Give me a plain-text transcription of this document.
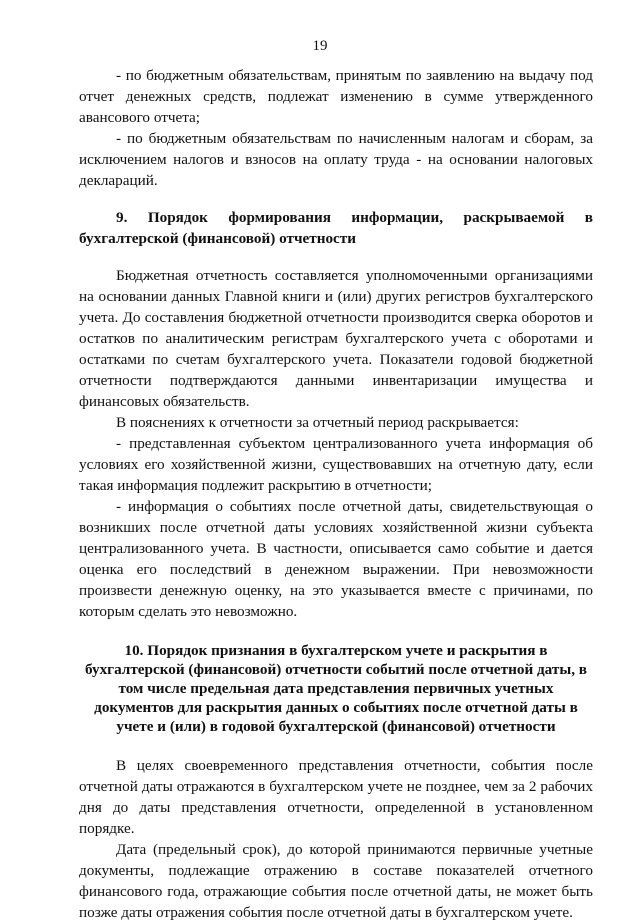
19

- по бюджетным обязательствам, принятым по заявлению на выдачу под отчет денежных средств, подлежат изменению в сумме утвержденного авансового отчета;

- по бюджетным обязательствам по начисленным налогам и сборам, за исключением налогов и взносов на оплату труда - на основании налоговых деклараций.

9. Порядок формирования информации, раскрываемой в бухгалтерской (финансовой) отчетности

Бюджетная отчетность составляется уполномоченными организациями на основании данных Главной книги и (или) других регистров бухгалтерского учета. До составления бюджетной отчетности производится сверка оборотов и остатков по аналитическим регистрам бухгалтерского учета с оборотами и остатками по счетам бухгалтерского учета. Показатели годовой бюджетной отчетности подтверждаются данными инвентаризации имущества и финансовых обязательств.

В пояснениях к отчетности за отчетный период раскрывается:

- представленная субъектом централизованного учета информация об условиях его хозяйственной жизни, существовавших на отчетную дату, если такая информация подлежит раскрытию в отчетности;

- информация о событиях после отчетной даты, свидетельствующая о возникших после отчетной даты условиях хозяйственной жизни субъекта централизованного учета. В частности, описывается само событие и дается оценка его последствий в денежном выражении. При невозможности произвести денежную оценку, на это указывается вместе с причинами, по которым сделать это невозможно.

10. Порядок признания в бухгалтерском учете и раскрытия в бухгалтерской (финансовой) отчетности событий после отчетной даты, в том числе предельная дата представления первичных учетных документов для раскрытия данных о событиях после отчетной даты в учете и (или) в годовой бухгалтерской (финансовой) отчетности

В целях своевременного представления отчетности, события после отчетной даты отражаются в бухгалтерском учете не позднее, чем за 2 рабочих дня до даты представления отчетности, определенной в установленном порядке.

Дата (предельный срок), до которой принимаются первичные учетные документы, подлежащие отражению в составе показателей отчетного финансового года, отражающие события после отчетной даты, не может быть позже даты отражения события после отчетной даты в бухгалтерском учете.
